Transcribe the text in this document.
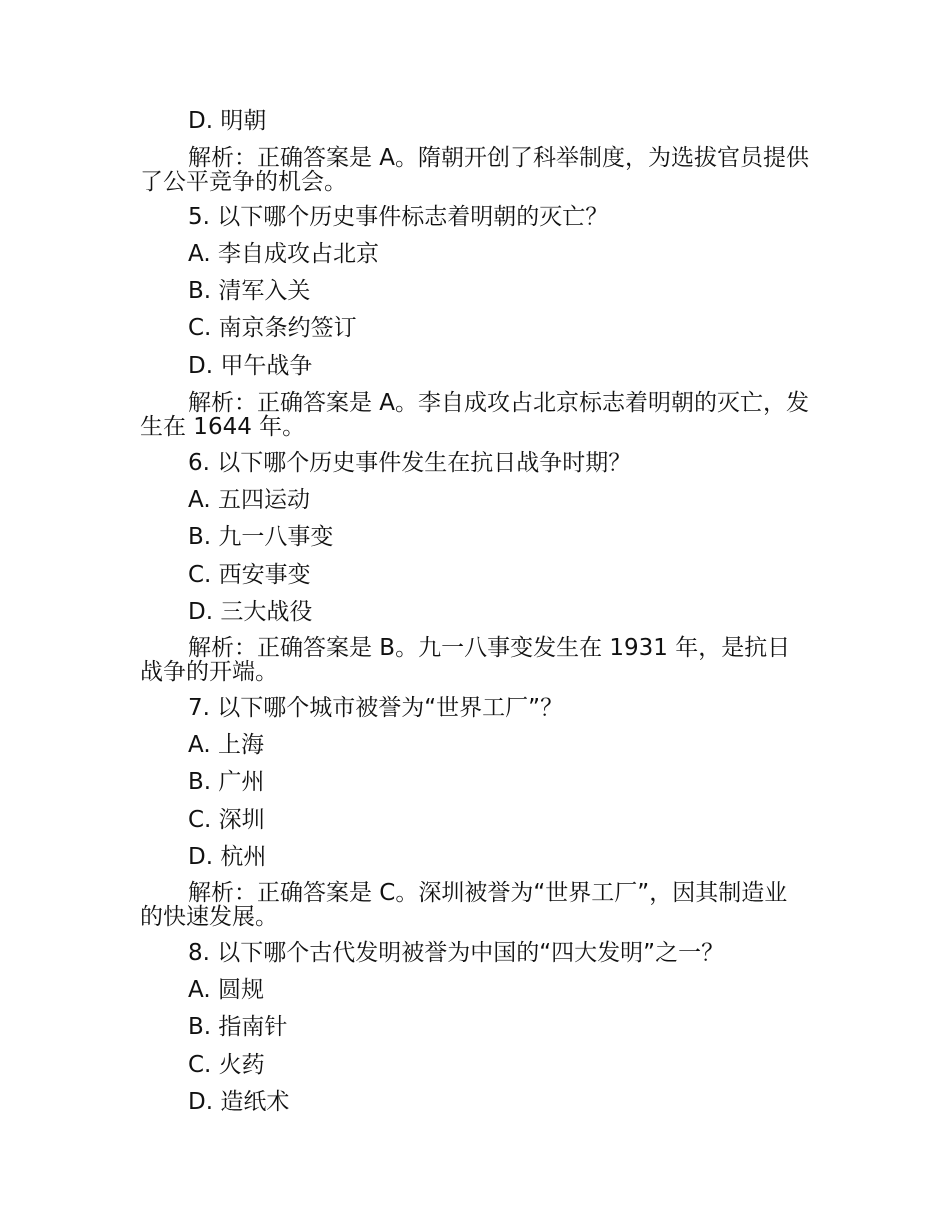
D. 明朝
解析：正确答案是 A。隋朝开创了科举制度，为选拔官员提供了公平竞争的机会。
5. 以下哪个历史事件标志着明朝的灭亡？
A. 李自成攻占北京
B. 清军入关
C. 南京条约签订
D. 甲午战争
解析：正确答案是 A。李自成攻占北京标志着明朝的灭亡，发生在 1644 年。
6. 以下哪个历史事件发生在抗日战争时期？
A. 五四运动
B. 九一八事变
C. 西安事变
D. 三大战役
解析：正确答案是 B。九一八事变发生在 1931 年，是抗日战争的开端。
7. 以下哪个城市被誉为“世界工厂”？
A. 上海
B. 广州
C. 深圳
D. 杭州
解析：正确答案是 C。深圳被誉为“世界工厂”，因其制造业的快速发展。
8. 以下哪个古代发明被誉为中国的“四大发明”之一？
A. 圆规
B. 指南针
C. 火药
D. 造纸术
